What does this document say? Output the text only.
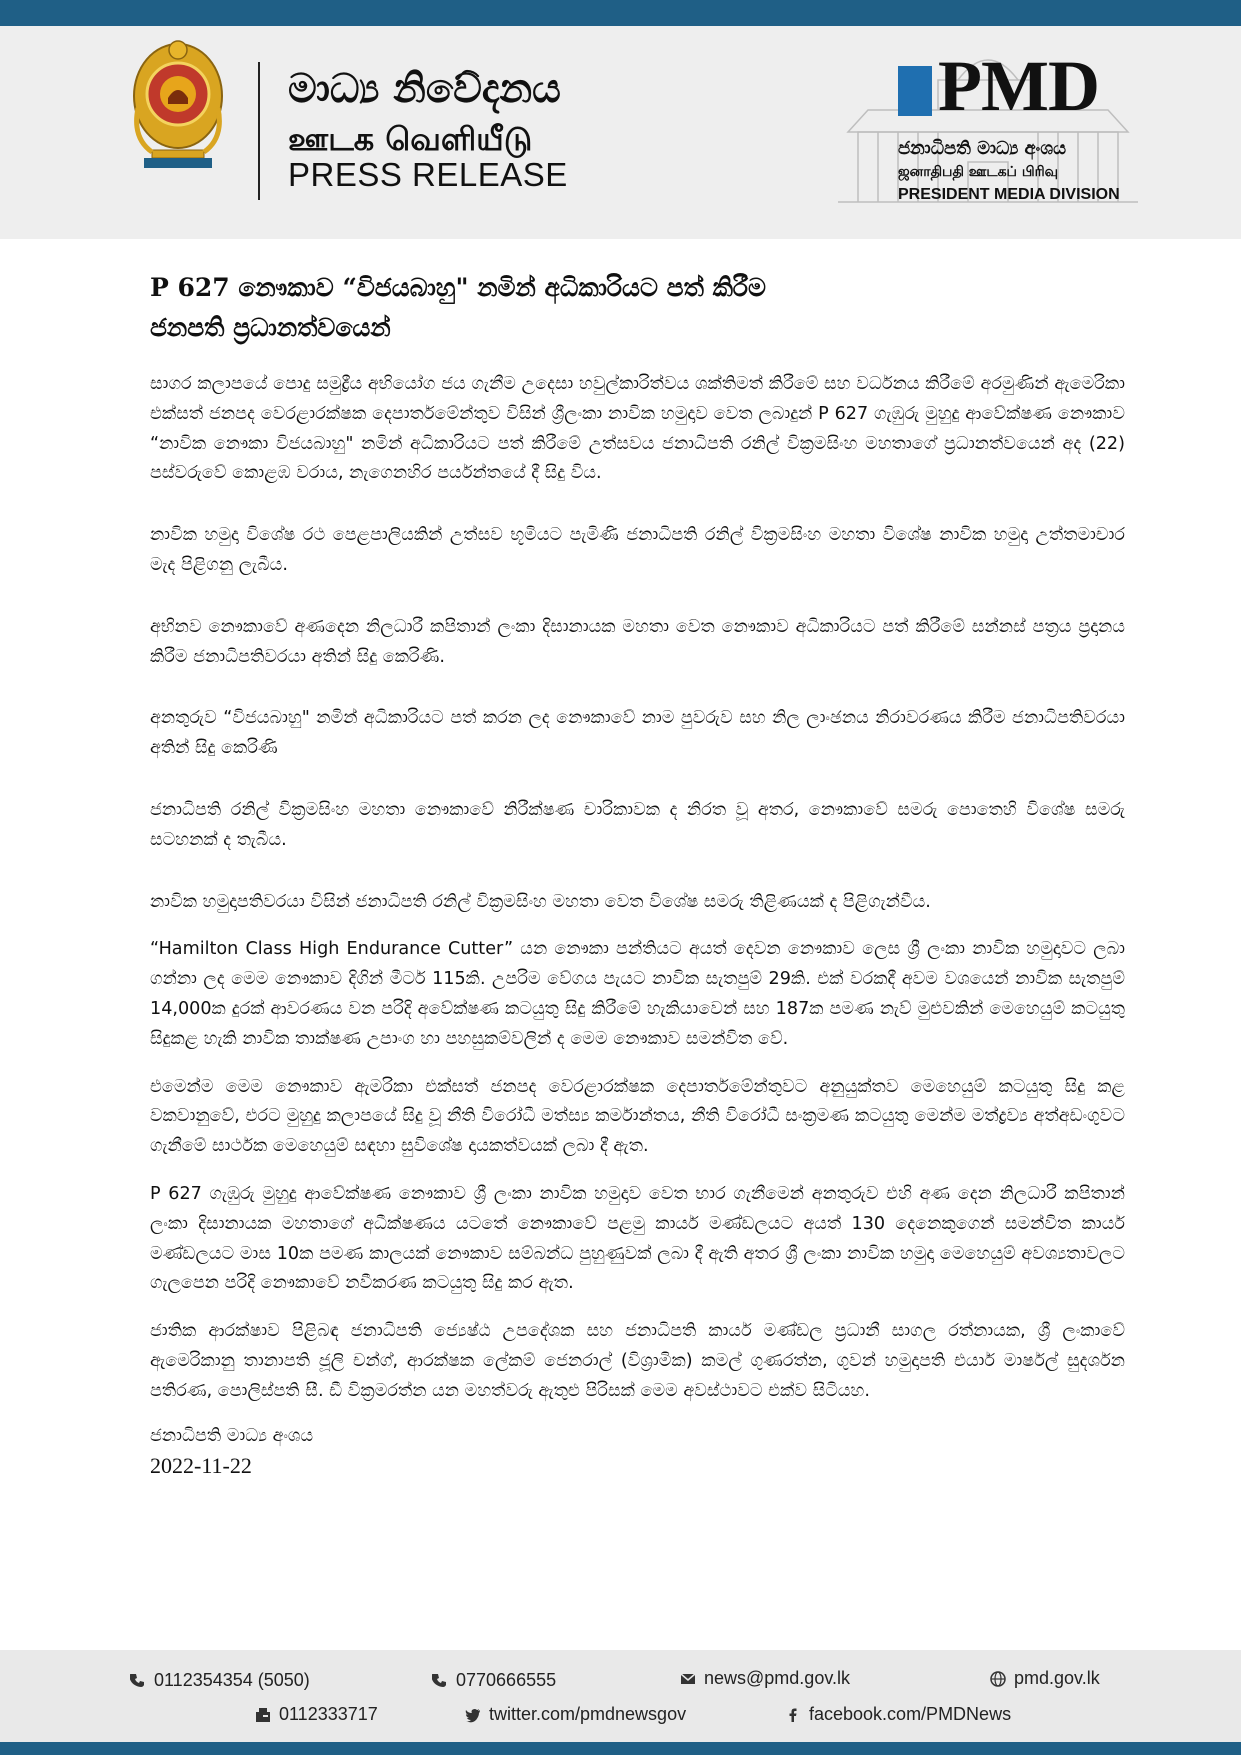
මාධ්‍ය නිවේදනය
ஊடக வெளியீடு
PRESS RELEASE
PMD
ජනාධිපති මාධ්‍ය අංශය
ஜனாதிபதி ஊடகப் பிரிவு
PRESIDENT MEDIA DIVISION
P 627 නෞකාව “විජයබාහු" නමින් අධිකාරියට පත් කිරීම
ජනපති ප්‍රධානත්වයෙන්

සාගර කලාපයේ පොදු සමුද්‍රීය අභියෝග ජය ගැනීම උදෙසා හවුල්කාරිත්වය ශක්තිමත් කිරීමේ සහ වර්ධනය කිරීමේ අරමුණින් ඇමෙරිකා එක්සත් ජනපද වෙරළාරක්ෂක දෙපාර්තමේන්තුව විසින් ශ්‍රීලංකා නාවික හමුදාව වෙත ලබාදුන් P 627 ගැඹුරු මුහුදු ආවේක්ෂණ නෞකාව “නාවික නෞකා විජයබාහු" නමින් අධිකාරියට පත් කිරීමේ උත්සවය ජනාධිපති රනිල් වික්‍රමසිංහ මහතාගේ ප්‍රධානත්වයෙන් අද (22) පස්වරුවේ කොළඹ වරාය, නැගෙනහිර පර්යන්තයේ දී සිදු විය.

නාවික හමුදා විශේෂ රථ පෙළපාලියකින් උත්සව භූමියට පැමිණි ජනාධිපති රනිල් වික්‍රමසිංහ මහතා විශේෂ නාවික හමුදා උත්තමාචාර මැද පිළිගනු ලැබීය.

අභිනව නෞකාවේ අණදෙන නිලධාරී කපිතාන් ලංකා දිසානායක මහතා වෙත නෞකාව අධිකාරියට පත් කිරීමේ සන්නස් පත්‍රය ප්‍රදානය කිරීම ජනාධිපතිවරයා අතින් සිදු කෙරිණි.

අනතුරුව “විජයබාහු" නමින් අධිකාරියට පත් කරන ලද නෞකාවේ නාම පුවරුව සහ නිල ලාංඡනය නිරාවරණය කිරීම ජනාධිපතිවරයා අතින් සිදු කෙරිණි

ජනාධිපති රනිල් වික්‍රමසිංහ මහතා නෞකාවේ නිරීක්ෂණ චාරිකාවක ද නිරත වූ අතර, නෞකාවේ සමරු පොතෙහි විශේෂ සමරු සටහනක් ද තැබීය.

නාවික හමුදාපතිවරයා විසින් ජනාධිපති රනිල් වික්‍රමසිංහ මහතා වෙත විශේෂ සමරු තිළිණයක් ද පිළිගැන්වීය.

“Hamilton Class High Endurance Cutter” යන නෞකා පන්තියට අයත් දෙවන නෞකාව ලෙස ශ්‍රී ලංකා නාවික හමුදාවට ලබා ගන්නා ලද මෙම නෞකාව දිගින් මීටර් 115කි. උපරිම වේගය පැයට නාවික සැතපුම් 29කි. එක් වරකදී අවම වශයෙන් නාවික සැතපුම් 14,000ක දුරක් ආවරණය වන පරිදි අවේක්ෂණ කටයුතු සිදු කිරීමේ හැකියාවෙන් සහ 187ක පමණ නැව් මුළුවකින් මෙහෙයුම් කටයුතු සිදුකළ හැකි නාවික තාක්ෂණ උපාංග හා පහසුකම්වලින් ද මෙම නෞකාව සමන්විත වේ.

එමෙන්ම මෙම නෞකාව ඇමරිකා එක්සත් ජනපද වෙරළාරක්ෂක දෙපාර්තමේන්තුවට අනුයුක්තව මෙහෙයුම් කටයුතු සිදු කළ වකවානුවේ, එරට මුහුදු කලාපයේ සිදු වූ නීති විරෝධී මත්ස්‍ය කර්මාන්තය, නීති විරෝධී සංක්‍රමණ කටයුතු මෙන්ම මත්ද්‍රව්‍ය අත්අඩංගුවට ගැනීමේ සාර්ථක මෙහෙයුම් සඳහා සුවිශේෂ දායකත්වයක් ලබා දී ඇත.

P 627 ගැඹුරු මුහුදු ආවේක්ෂණ නෞකාව ශ්‍රී ලංකා නාවික හමුදාව වෙත භාර ගැනීමෙන් අනතුරුව එහි අණ දෙන නිලධාරී කපිතාන් ලංකා දිසානායක මහතාගේ අධීක්ෂණය යටතේ නෞකාවේ පළමු කාර්ය මණ්ඩලයට අයත් 130 දෙනෙකුගෙන් සමන්විත කාර්ය මණ්ඩලයට මාස 10ක පමණ කාලයක් නෞකාව සම්බන්ධ පුහුණුවක් ලබා දී ඇති අතර ශ්‍රී ලංකා නාවික හමුදා මෙහෙයුම් අවශ්‍යතාවලට ගැලපෙන පරිදි නෞකාවේ නවීකරණ කටයුතු සිදු කර ඇත.

ජාතික ආරක්ෂාව පිළිබඳ ජනාධිපති ජ්‍යෙෂ්ඨ උපදේශක සහ ජනාධිපති කාර්ය මණ්ඩල ප්‍රධානී සාගල රත්නායක, ශ්‍රී ලංකාවේ ඇමෙරිකානු තානාපති ජූලි චන්ග්, ආරක්ෂක ලේකම් ජෙනරාල් (විශ්‍රාමික) කමල් ගුණරත්න, ගුවන් හමුදාපති එයාර් මාර්ෂල් සුදර්ශන පතිරණ, පොලිස්පති සී. ඩී වික්‍රමරත්න යන මහත්වරු ඇතුළු පිරිසක් මෙම අවස්ථාවට එක්ව සිටියහ.

ජනාධිපති මාධ්‍ය අංශය
2022-11-22
0112354354 (5050)	0770666555	news@pmd.gov.lk	pmd.gov.lk
0112333717	twitter.com/pmdnewsgov	facebook.com/PMDNews
